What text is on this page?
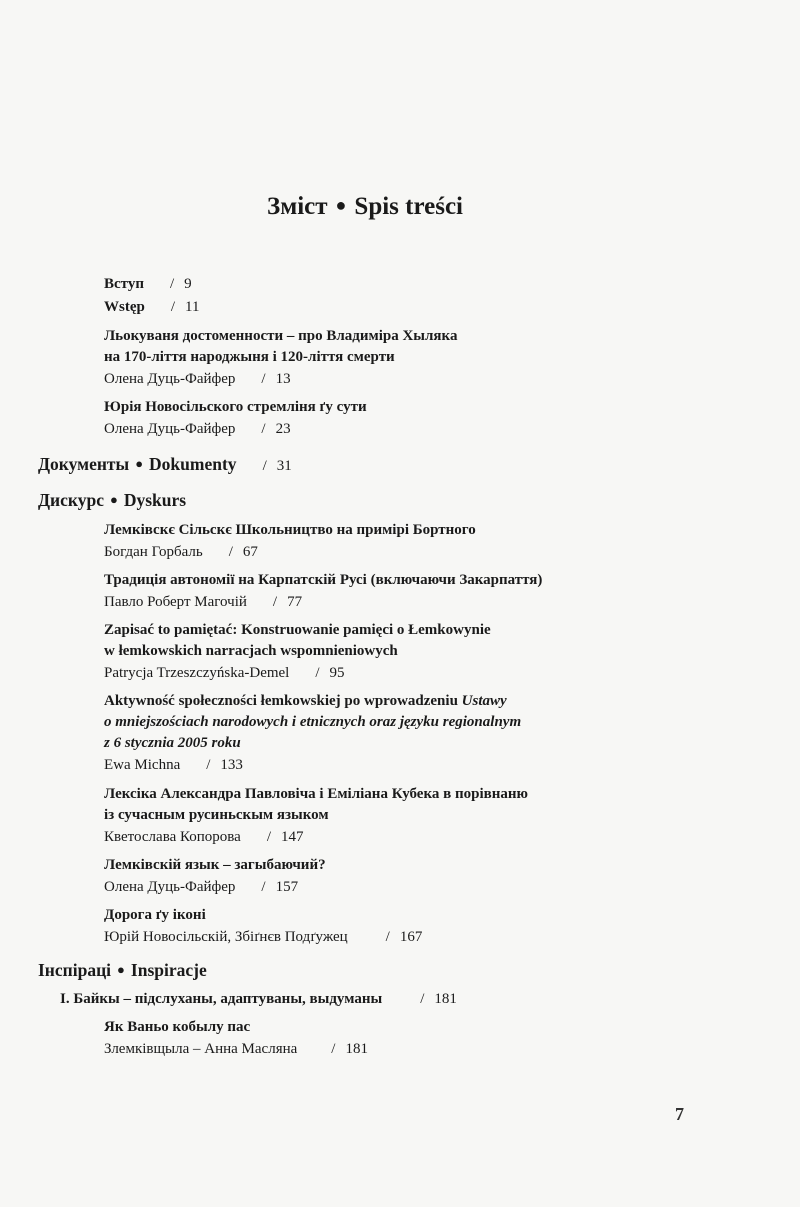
Зміст ● Spis treści
Вступ / 9
Wstęp / 11
Льокуваня достоменности – про Владиміра Хыляка
на 170-ліття народжыня і 120-ліття смерти
Олена Дуць-Файфер / 13
Юрія Новосільского стремліня ґу сути
Олена Дуць-Файфер / 23
Документы ● Dokumenty / 31
Дискурс ● Dyskurs
Лемківскє Сільскє Школьництво на примірі Бортного
Богдан Горбаль / 67
Традиція автономії на Карпатскій Русі (включаючи Закарпаття)
Павло Роберт Магочій / 77
Zapisać to pamiętać: Konstruowanie pamięci o Łemkowynie
w łemkowskich narracjach wspomnieniowych
Patrycja Trzeszczyńska-Demel / 95
Aktywność społeczności łemkowskiej po wprowadzeniu Ustawy
o mniejszościach narodowych i etnicznych oraz języku regionalnym
z 6 stycznia 2005 roku
Ewa Michna / 133
Лексіка Александра Павловіча і Еміліана Кубека в порівнаню
із сучасным русиньскым языком
Кветослава Копорова / 147
Лемківскій язык – загыбаючий?
Олена Дуць-Файфер / 157
Дорога ґу іконі
Юрій Новосільскій, Збіґнєв Подґужец	/ 167
Інспіраці ● Inspiracje
I. Байкы – підслуханы, адаптуваны, выдуманы	/ 181
Як Ваньо кобылу пас
Злемківщыла – Анна Масляна / 181
7
